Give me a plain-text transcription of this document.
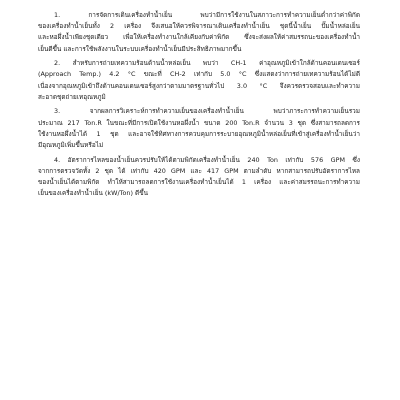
1. การจัดการเดินเครื่องทำน้ำเย็น พบว่ามีการใช้งานในสภาวะการทำความเย็นต่ำกว่าค่าพิกัด
ของเครื่องทำน้ำเย็นทั้ง 2 เครื่อง จึงเสนอให้ควรพิจารณาเดินเครื่องทำน้ำเย็น ชุดนี้น้ำเย็น ปั๊มน้ำหล่อเย็น
และหอผึ่งน้ำเพียงชุดเดียว เพื่อให้เครื่องทำงานใกล้เคียงกับค่าพิกัด ซึ่งจะส่งผลให้ค่าสมรรถนะของเครื่องทำน้ำ
เย็นดีขึ้น และการใช้พลังงานในระบบเครื่องทำน้ำเย็นมีประสิทธิภาพมากขึ้น
2. สำหรับการถ่ายเทความร้อนด้านน้ำหล่อเย็น พบว่า CH-1 ค่าอุณหภูมิเข้าใกล้ด้านคอนเดนเซอร์
(Approach Temp.) 4.2 °C ขณะที่ CH-2 เท่ากับ 5.0 °C ซึ่งแสดงว่าการถ่ายเทความร้อนได้ไม่ดี
เนื่องจากอุณหภูมิเข้าถึงด้านคอนเดนเซอร์สูงกว่าตามมาตรฐานทั่วไป 3.0 °C จึงควรตรวจสอบและทำความ
สะอาดชุดถ่ายเทอุณหภูมิ
3. จากผลการวิเคราะห์การทำความเย็นของเครื่องทำน้ำเย็น พบว่าภาระการทำความเย็นรวม
ประมาณ 217 Ton.R ในขณะที่มีการเปิดใช้งานหอผึ่งน้ำ ขนาด 200 Ton.R จำนวน 3 ชุด ซึ่งสามารถลดการ
ใช้งานหอผึ่งน้ำได้ 1 ชุด และอาจใช้ทิศทางการควบคุมการระบายอุณหภูมิน้ำหล่อเย็นที่เข้าสู่เครื่องทำน้ำเย็นว่า
มีอุณหภูมิเพิ่มขึ้นหรือไม่
4. อัตราการไหลของน้ำเย็นควรปรับให้ได้ตามพิกัดเครื่องทำน้ำเย็น 240 Ton เท่ากับ 576 GPM ซึ่ง
จากการตรวจวัดทั้ง 2 ชุด ได้ เท่ากับ 420 GPM และ 417 GPM ตามลำดับ หากสามารถปรับอัตราการไหล
ของน้ำเย็นได้ตามพิกัด ทำให้สามารถลดการใช้งานเครื่องทำน้ำเย็นได้ 1 เครื่อง และค่าสมรรถนะการทำความ
เย็นของเครื่องทำน้ำเย็น (kW/Ton) ดีขึ้น
